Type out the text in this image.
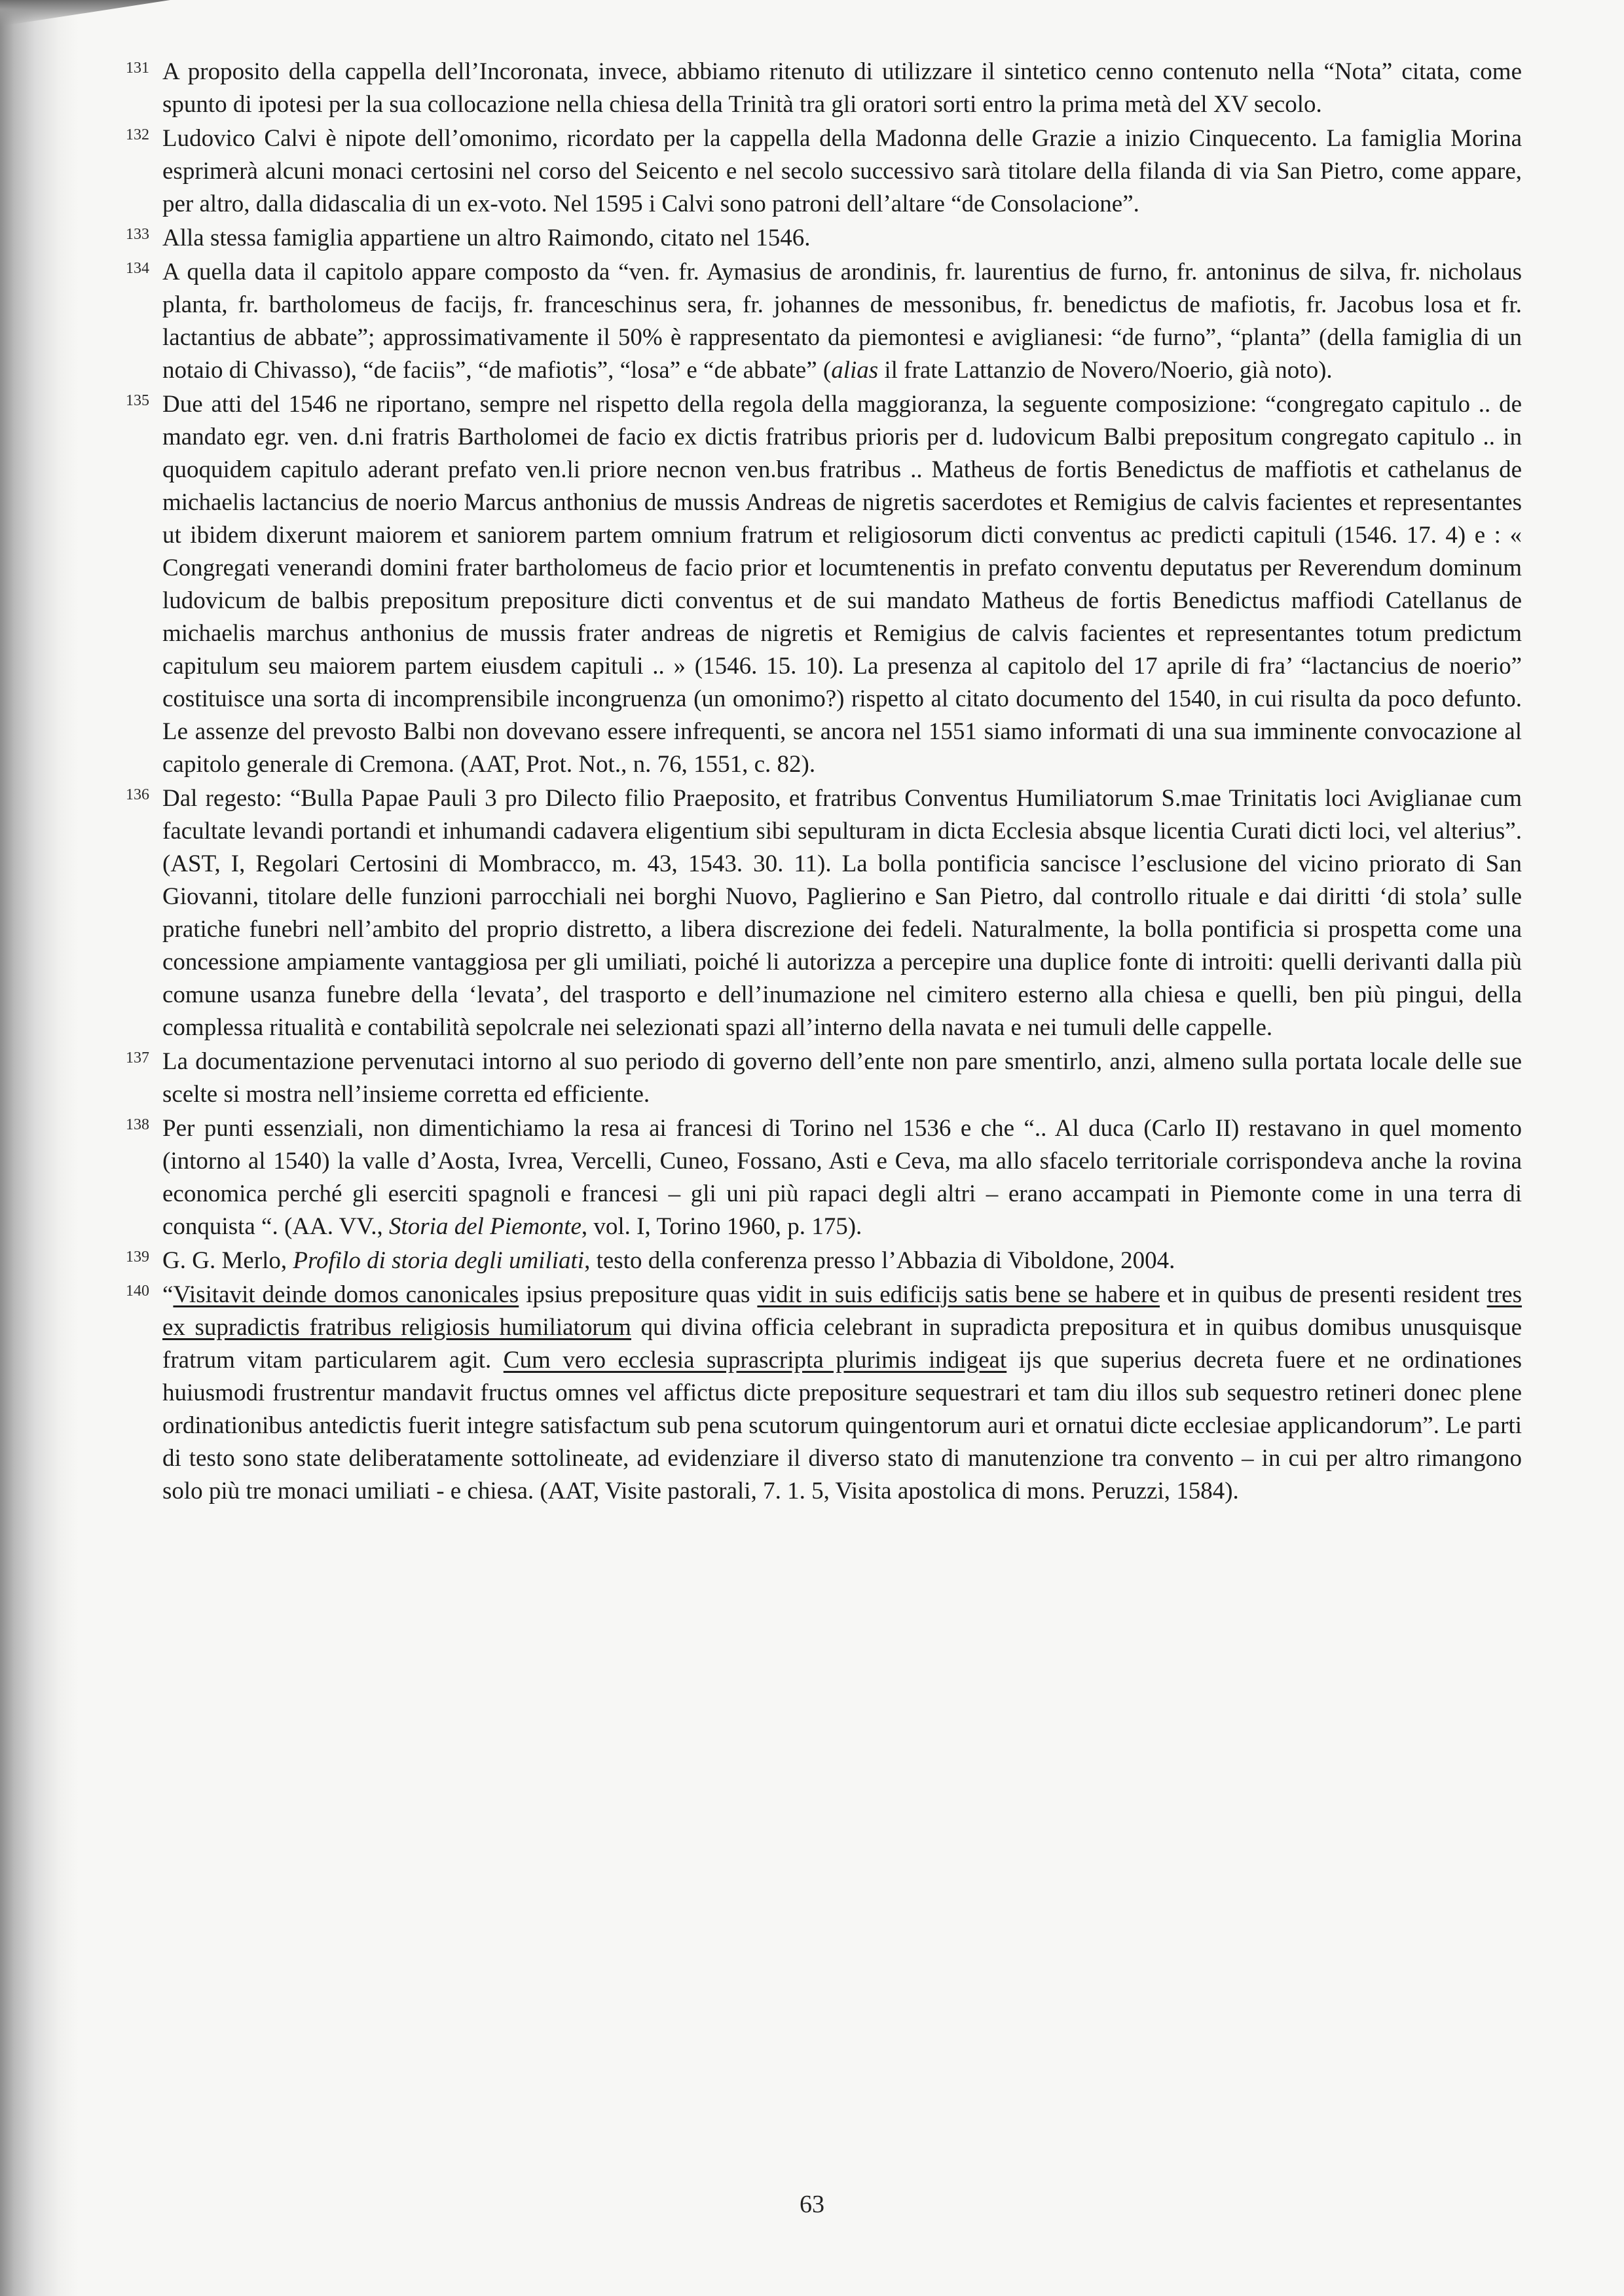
131 A proposito della cappella dell’Incoronata, invece, abbiamo ritenuto di utilizzare il sintetico cenno contenuto nella “Nota” citata, come spunto di ipotesi per la sua collocazione nella chiesa della Trinità tra gli oratori sorti entro la prima metà del XV secolo.

132 Ludovico Calvi è nipote dell’omonimo, ricordato per la cappella della Madonna delle Grazie a inizio Cinquecento. La famiglia Morina esprimerà alcuni monaci certosini nel corso del Seicento e nel secolo successivo sarà titolare della filanda di via San Pietro, come appare, per altro, dalla didascalia di un ex-voto. Nel 1595 i Calvi sono patroni dell’altare “de Consolacione”.

133 Alla stessa famiglia appartiene un altro Raimondo, citato nel 1546.

134 A quella data il capitolo appare composto da “ven. fr. Aymasius de arondinis, fr. laurentius de furno, fr. antoninus de silva, fr. nicholaus planta, fr. bartholomeus de facijs, fr. franceschinus sera, fr. johannes de messonibus, fr. benedictus de mafiotis, fr. Jacobus losa et fr. lactantius de abbate”; approssimativamente il 50% è rappresentato da piemontesi e aviglianesi: “de furno”, “planta” (della famiglia di un notaio di Chivasso), “de faciis”, “de mafiotis”, “losa” e “de abbate” (alias il frate Lattanzio de Novero/Noerio, già noto).

135 Due atti del 1546 ne riportano, sempre nel rispetto della regola della maggioranza, la seguente composizione: “congregato capitulo .. de mandato egr. ven. d.ni fratris Bartholomei de facio ex dictis fratribus prioris per d. ludovicum Balbi prepositum congregato capitulo .. in quoquidem capitulo aderant prefato ven.li priore necnon ven.bus fratribus .. Matheus de fortis Benedictus de maffiotis et cathelanus de michaelis lactancius de noerio Marcus anthonius de mussis Andreas de nigretis sacerdotes et Remigius de calvis facientes et representantes ut ibidem dixerunt maiorem et saniorem partem omnium fratrum et religiosorum dicti conventus ac predicti capituli (1546. 17. 4) e : « Congregati venerandi domini frater bartholomeus de facio prior et locumtenentis in prefato conventu deputatus per Reverendum dominum ludovicum de balbis prepositum prepositure dicti conventus et de sui mandato Matheus de fortis Benedictus maffiodi Catellanus de michaelis marchus anthonius de mussis frater andreas de nigretis et Remigius de calvis facientes et representantes totum predictum capitulum seu maiorem partem eiusdem capituli .. » (1546. 15. 10). La presenza al capitolo del 17 aprile di fra’ “lactancius de noerio” costituisce una sorta di incomprensibile incongruenza (un omonimo?) rispetto al citato documento del 1540, in cui risulta da poco defunto. Le assenze del prevosto Balbi non dovevano essere infrequenti, se ancora nel 1551 siamo informati di una sua imminente convocazione al capitolo generale di Cremona. (AAT, Prot. Not., n. 76, 1551, c. 82).

136 Dal regesto: “Bulla Papae Pauli 3 pro Dilecto filio Praeposito, et fratribus Conventus Humiliatorum S.mae Trinitatis loci Aviglianae cum facultate levandi portandi et inhumandi cadavera eligentium sibi sepulturam in dicta Ecclesia absque licentia Curati dicti loci, vel alterius”. (AST, I, Regolari Certosini di Mombracco, m. 43, 1543. 30. 11). La bolla pontificia sancisce l’esclusione del vicino priorato di San Giovanni, titolare delle funzioni parrocchiali nei borghi Nuovo, Paglierino e San Pietro, dal controllo rituale e dai diritti ‘di stola’ sulle pratiche funebri nell’ambito del proprio distretto, a libera discrezione dei fedeli. Naturalmente, la bolla pontificia si prospetta come una concessione ampiamente vantaggiosa per gli umiliati, poiché li autorizza a percepire una duplice fonte di introiti: quelli derivanti dalla più comune usanza funebre della ‘levata’, del trasporto e dell’inumazione nel cimitero esterno alla chiesa e quelli, ben più pingui, della complessa ritualità e contabilità sepolcrale nei selezionati spazi all’interno della navata e nei tumuli delle cappelle.

137 La documentazione pervenutaci intorno al suo periodo di governo dell’ente non pare smentirlo, anzi, almeno sulla portata locale delle sue scelte si mostra nell’insieme corretta ed efficiente.

138 Per punti essenziali, non dimentichiamo la resa ai francesi di Torino nel 1536 e che “.. Al duca (Carlo II) restavano in quel momento (intorno al 1540) la valle d’Aosta, Ivrea, Vercelli, Cuneo, Fossano, Asti e Ceva, ma allo sfacelo territoriale corrispondeva anche la rovina economica perché gli eserciti spagnoli e francesi – gli uni più rapaci degli altri – erano accampati in Piemonte come in una terra di conquista “. (AA. VV., Storia del Piemonte, vol. I, Torino 1960, p. 175).

139 G. G. Merlo, Profilo di storia degli umiliati, testo della conferenza presso l’Abbazia di Viboldone, 2004.

140 “Visitavit deinde domos canonicales ipsius prepositure quas vidit in suis edificijs satis bene se habere et in quibus de presenti resident tres ex supradictis fratribus religiosis humiliatorum qui divina officia celebrant in supradicta prepositura et in quibus domibus unusquisque fratrum vitam particularem agit. Cum vero ecclesia suprascripta plurimis indigeat ijs que superius decreta fuere et ne ordinationes huiusmodi frustrentur mandavit fructus omnes vel affictus dicte prepositure sequestrari et tam diu illos sub sequestro retineri donec plene ordinationibus antedictis fuerit integre satisfactum sub pena scutorum quingentorum auri et ornatui dicte ecclesiae applicandorum”. Le parti di testo sono state deliberatamente sottolineate, ad evidenziare il diverso stato di manutenzione tra convento – in cui per altro rimangono solo più tre monaci umiliati - e chiesa. (AAT, Visite pastorali, 7. 1. 5, Visita apostolica di mons. Peruzzi, 1584).

63
